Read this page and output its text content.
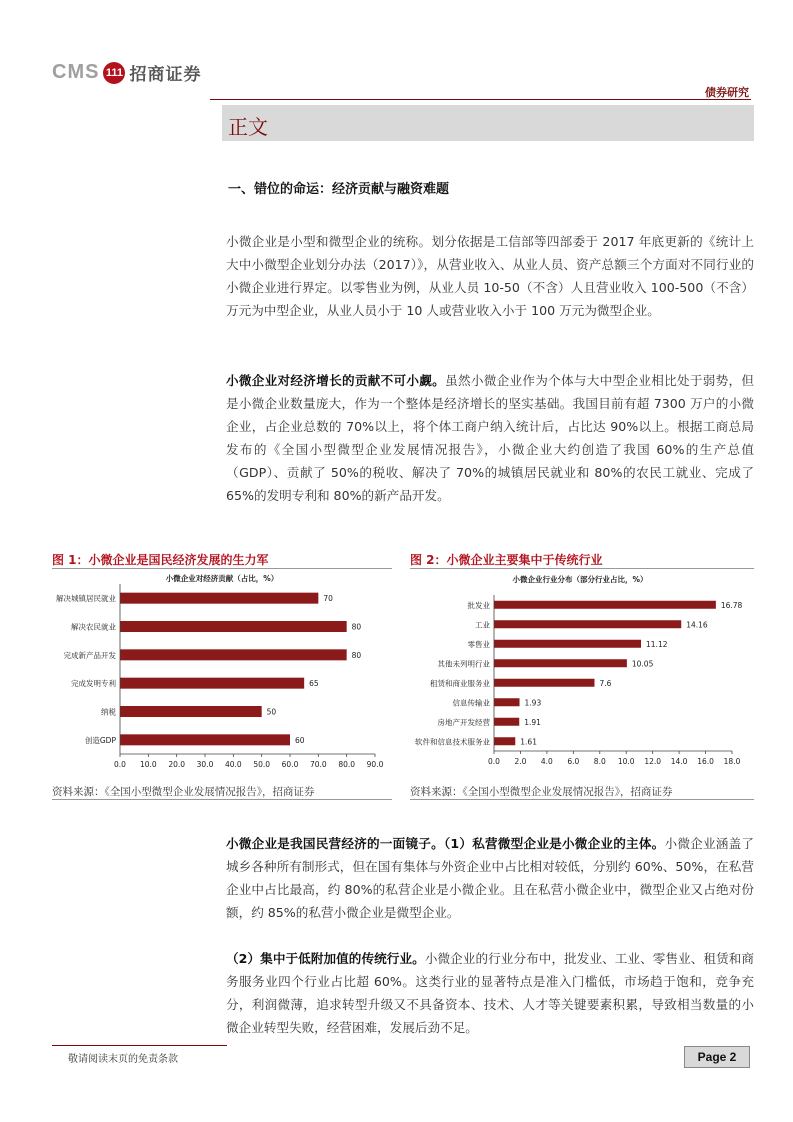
CMS 111 招商证券
债券研究
正文
一、错位的命运：经济贡献与融资难题
小微企业是小型和微型企业的统称。划分依据是工信部等四部委于 2017 年底更新的《统计上大中小微型企业划分办法（2017）》，从营业收入、从业人员、资产总额三个方面对不同行业的小微企业进行界定。以零售业为例，从业人员 10-50（不含）人且营业收入 100-500（不含）万元为中型企业，从业人员小于 10 人或营业收入小于 100 万元为微型企业。
小微企业对经济增长的贡献不可小觑。虽然小微企业作为个体与大中型企业相比处于弱势，但是小微企业数量庞大，作为一个整体是经济增长的坚实基础。我国目前有超 7300 万户的小微企业，占企业总数的 70%以上，将个体工商户纳入统计后，占比达 90%以上。根据工商总局发布的《全国小型微型企业发展情况报告》，小微企业大约创造了我国 60%的生产总值（GDP）、贡献了 50%的税收、解决了 70%的城镇居民就业和 80%的农民工就业、完成了 65%的发明专利和 80%的新产品开发。
图 1：小微企业是国民经济发展的生力军	图 2：小微企业主要集中于传统行业
小微企业对经济贡献（占比，%）
解决城镇居民就业	70
解决农民就业	80
完成新产品开发	80
完成发明专利	65
纳税	50
创造GDP	60
0.0 10.0 20.0 30.0 40.0 50.0 60.0 70.0 80.0 90.0
小微企业行业分布（部分行业占比，%）
批发业	16.78
工业	14.16
零售业	11.12
其他未列明行业	10.05
租赁和商业服务业	7.6
信息传输业	1.93
房地产开发经营	1.91
软件和信息技术服务业	1.61
0.0 2.0 4.0 6.0 8.0 10.0 12.0 14.0 16.0 18.0
资料来源：《全国小型微型企业发展情况报告》，招商证券	资料来源：《全国小型微型企业发展情况报告》，招商证券
小微企业是我国民营经济的一面镜子。（1）私营微型企业是小微企业的主体。小微企业涵盖了城乡各种所有制形式，但在国有集体与外资企业中占比相对较低，分别约 60%、50%，在私营企业中占比最高，约 80%的私营企业是小微企业。且在私营小微企业中，微型企业又占绝对份额，约 85%的私营小微企业是微型企业。
（2）集中于低附加值的传统行业。小微企业的行业分布中，批发业、工业、零售业、租赁和商务服务业四个行业占比超 60%。这类行业的显著特点是准入门槛低，市场趋于饱和，竞争充分，利润微薄，追求转型升级又不具备资本、技术、人才等关键要素积累，导致相当数量的小微企业转型失败，经营困难，发展后劲不足。
敬请阅读末页的免责条款	Page 2
